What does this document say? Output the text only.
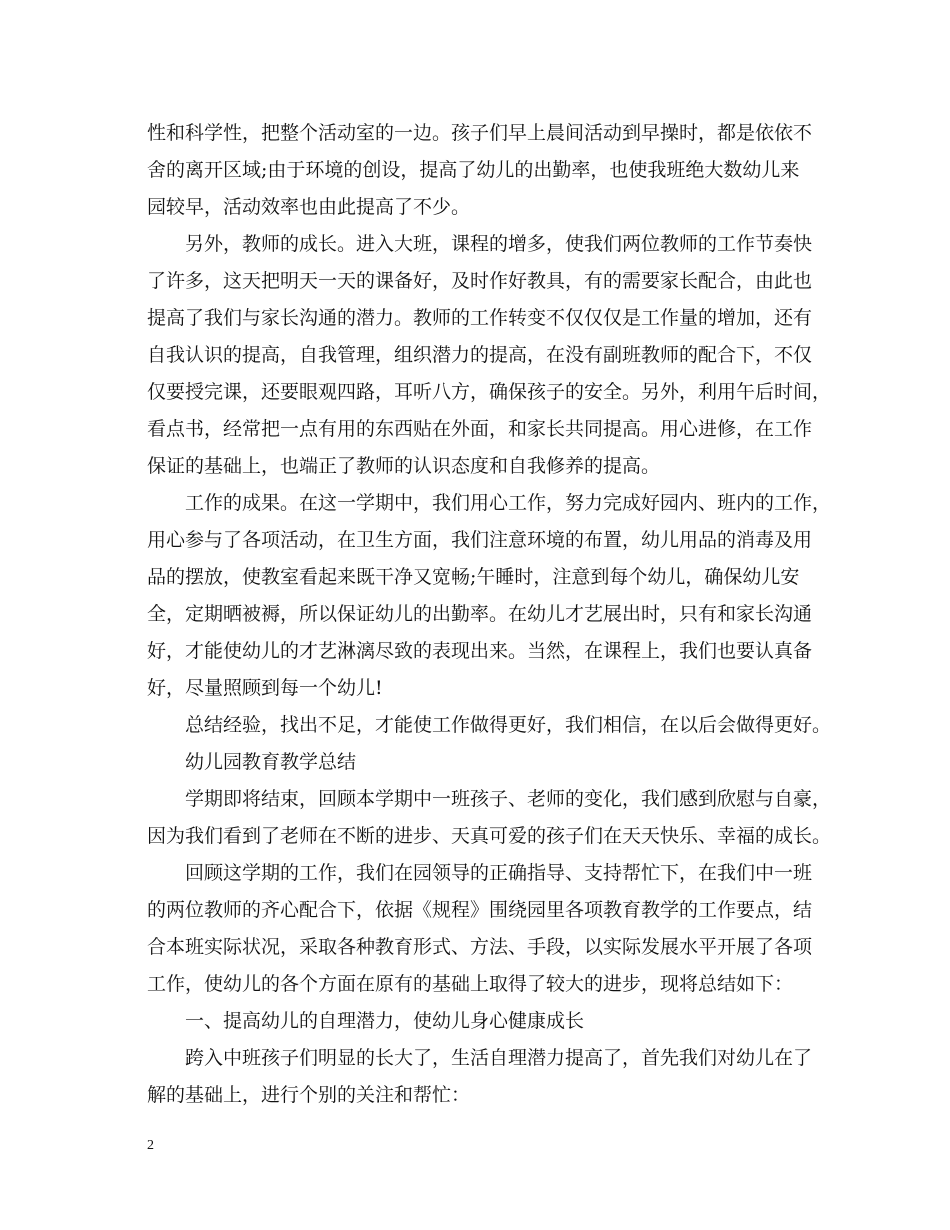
性和科学性，把整个活动室的一边。孩子们早上晨间活动到早操时，都是依依不
舍的离开区域;由于环境的创设，提高了幼儿的出勤率，也使我班绝大数幼儿来
园较早，活动效率也由此提高了不少。
另外，教师的成长。进入大班，课程的增多，使我们两位教师的工作节奏快
了许多，这天把明天一天的课备好，及时作好教具，有的需要家长配合，由此也
提高了我们与家长沟通的潜力。教师的工作转变不仅仅仅是工作量的增加，还有
自我认识的提高，自我管理，组织潜力的提高，在没有副班教师的配合下，不仅
仅要授完课，还要眼观四路，耳听八方，确保孩子的安全。另外，利用午后时间，
看点书，经常把一点有用的东西贴在外面，和家长共同提高。用心进修，在工作
保证的基础上，也端正了教师的认识态度和自我修养的提高。
工作的成果。在这一学期中，我们用心工作，努力完成好园内、班内的工作，
用心参与了各项活动，在卫生方面，我们注意环境的布置，幼儿用品的消毒及用
品的摆放，使教室看起来既干净又宽畅;午睡时，注意到每个幼儿，确保幼儿安
全，定期晒被褥，所以保证幼儿的出勤率。在幼儿才艺展出时，只有和家长沟通
好，才能使幼儿的才艺淋漓尽致的表现出来。当然，在课程上，我们也要认真备
好，尽量照顾到每一个幼儿!
总结经验，找出不足，才能使工作做得更好，我们相信，在以后会做得更好。
幼儿园教育教学总结
学期即将结束，回顾本学期中一班孩子、老师的变化，我们感到欣慰与自豪，
因为我们看到了老师在不断的进步、天真可爱的孩子们在天天快乐、幸福的成长。
回顾这学期的工作，我们在园领导的正确指导、支持帮忙下，在我们中一班
的两位教师的齐心配合下，依据《规程》围绕园里各项教育教学的工作要点，结
合本班实际状况，采取各种教育形式、方法、手段，以实际发展水平开展了各项
工作，使幼儿的各个方面在原有的基础上取得了较大的进步，现将总结如下：
一、提高幼儿的自理潜力，使幼儿身心健康成长
跨入中班孩子们明显的长大了，生活自理潜力提高了，首先我们对幼儿在了
解的基础上，进行个别的关注和帮忙：
2
